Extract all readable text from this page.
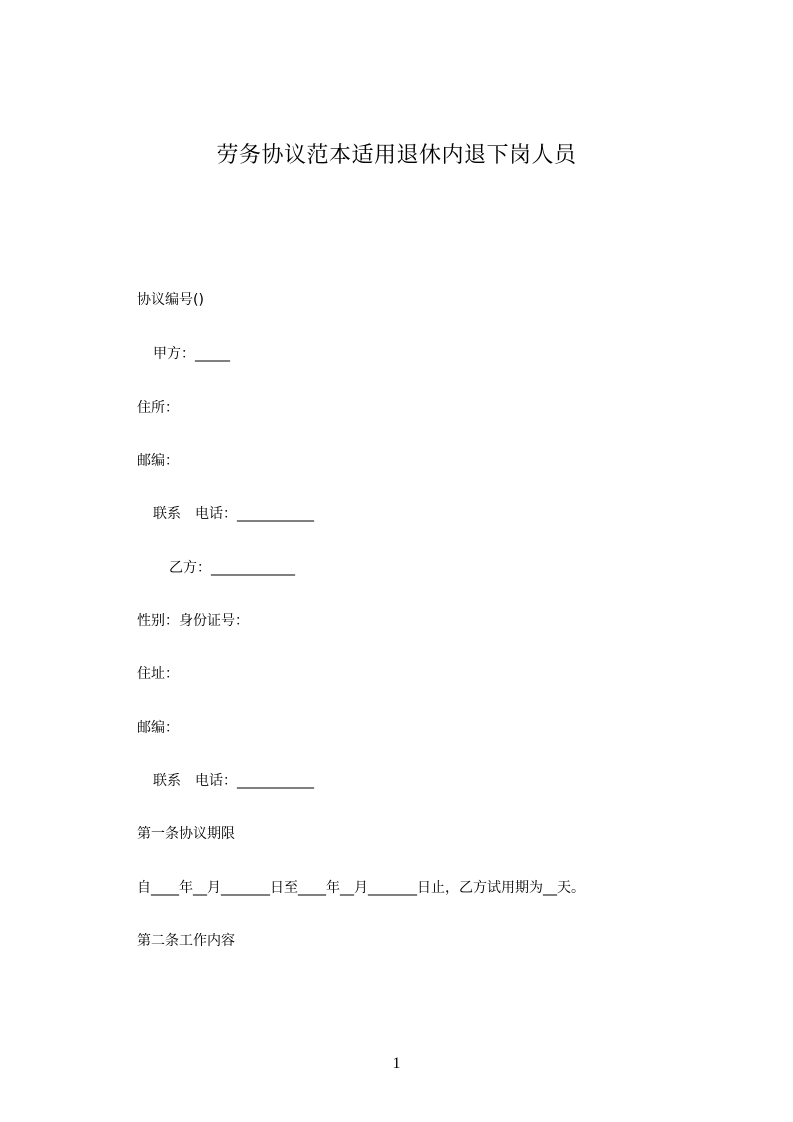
劳务协议范本适用退休内退下岗人员
协议编号()
甲方：_____
住所：
邮编：
联系　电话：___________
乙方：____________
性别：身份证号：
住址：
邮编：
联系　电话：___________
第一条协议期限
自____年__月_______日至____年__月_______日止，乙方试用期为__天。
第二条工作内容
1
